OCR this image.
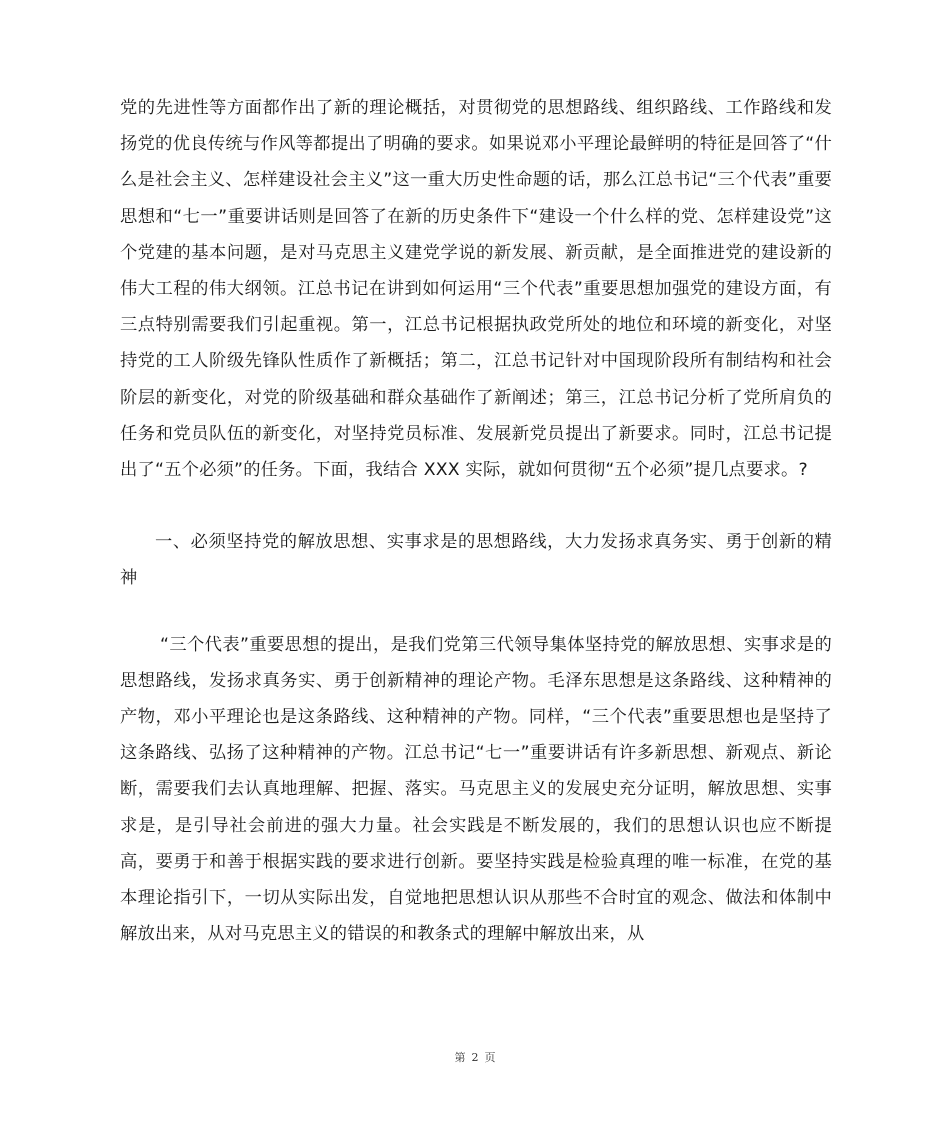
党的先进性等方面都作出了新的理论概括，对贯彻党的思想路线、组织路线、工作路线和发扬党的优良传统与作风等都提出了明确的要求。如果说邓小平理论最鲜明的特征是回答了“什么是社会主义、怎样建设社会主义”这一重大历史性命题的话，那么江总书记“三个代表”重要思想和“七一”重要讲话则是回答了在新的历史条件下“建设一个什么样的党、怎样建设党”这个党建的基本问题，是对马克思主义建党学说的新发展、新贡献，是全面推进党的建设新的伟大工程的伟大纲领。江总书记在讲到如何运用“三个代表”重要思想加强党的建设方面，有三点特别需要我们引起重视。第一，江总书记根据执政党所处的地位和环境的新变化，对坚持党的工人阶级先锋队性质作了新概括；第二，江总书记针对中国现阶段所有制结构和社会阶层的新变化，对党的阶级基础和群众基础作了新阐述；第三，江总书记分析了党所肩负的任务和党员队伍的新变化，对坚持党员标准、发展新党员提出了新要求。同时，江总书记提出了“五个必须”的任务。下面，我结合 XXX 实际，就如何贯彻“五个必须”提几点要求。?

一、必须坚持党的解放思想、实事求是的思想路线，大力发扬求真务实、勇于创新的精神

“三个代表”重要思想的提出，是我们党第三代领导集体坚持党的解放思想、实事求是的思想路线，发扬求真务实、勇于创新精神的理论产物。毛泽东思想是这条路线、这种精神的产物，邓小平理论也是这条路线、这种精神的产物。同样，“三个代表”重要思想也是坚持了这条路线、弘扬了这种精神的产物。江总书记“七一”重要讲话有许多新思想、新观点、新论断，需要我们去认真地理解、把握、落实。马克思主义的发展史充分证明，解放思想、实事求是，是引导社会前进的强大力量。社会实践是不断发展的，我们的思想认识也应不断提高，要勇于和善于根据实践的要求进行创新。要坚持实践是检验真理的唯一标准，在党的基本理论指引下，一切从实际出发，自觉地把思想认识从那些不合时宜的观念、做法和体制中解放出来，从对马克思主义的错误的和教条式的理解中解放出来，从

第 2 页
